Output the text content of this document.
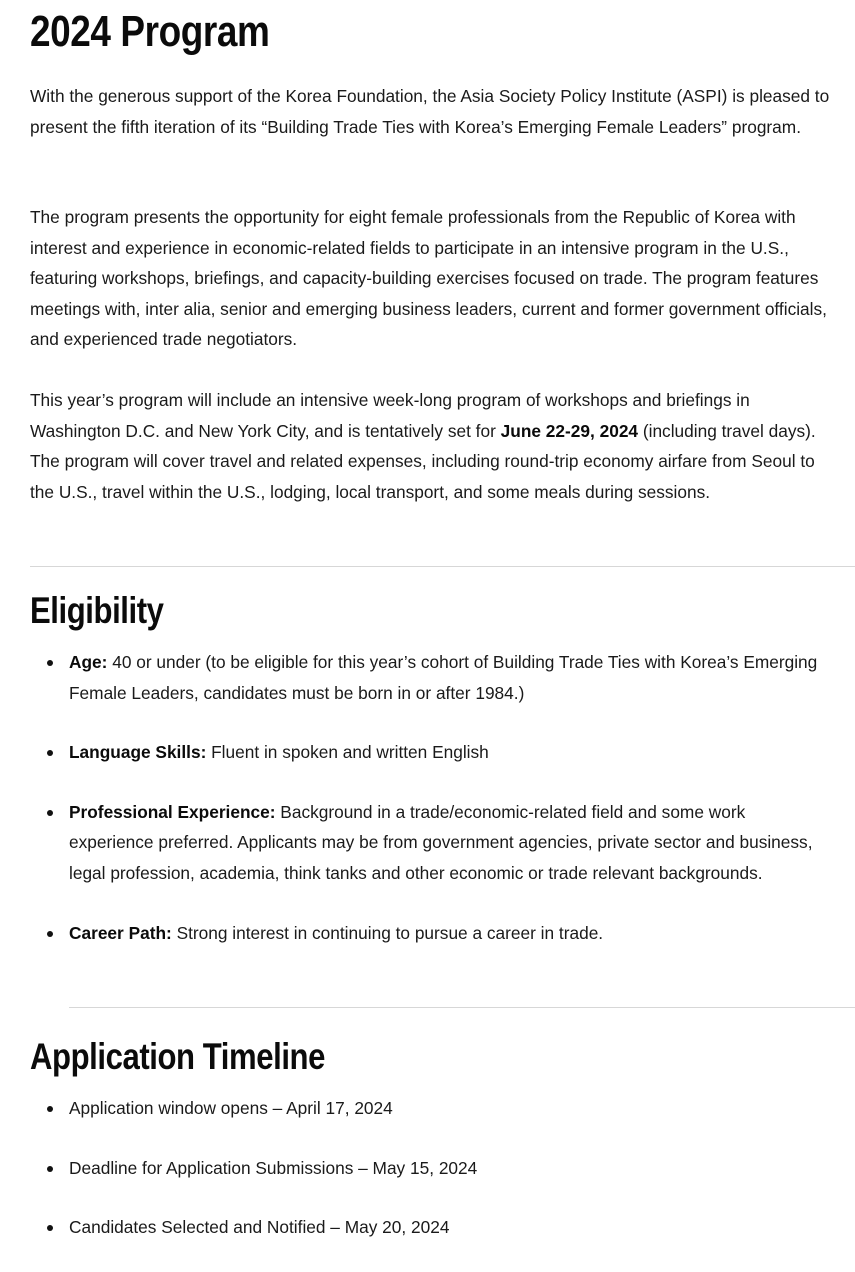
2024 Program

With the generous support of the Korea Foundation, the Asia Society Policy Institute (ASPI) is pleased to present the fifth iteration of its “Building Trade Ties with Korea’s Emerging Female Leaders” program.

The program presents the opportunity for eight female professionals from the Republic of Korea with interest and experience in economic-related fields to participate in an intensive program in the U.S., featuring workshops, briefings, and capacity-building exercises focused on trade. The program features meetings with, inter alia, senior and emerging business leaders, current and former government officials, and experienced trade negotiators.

This year’s program will include an intensive week-long program of workshops and briefings in Washington D.C. and New York City, and is tentatively set for June 22-29, 2024 (including travel days). The program will cover travel and related expenses, including round-trip economy airfare from Seoul to the U.S., travel within the U.S., lodging, local transport, and some meals during sessions.

Eligibility
Age: 40 or under (to be eligible for this year’s cohort of Building Trade Ties with Korea’s Emerging Female Leaders, candidates must be born in or after 1984.)
Language Skills: Fluent in spoken and written English
Professional Experience: Background in a trade/economic-related field and some work experience preferred. Applicants may be from government agencies, private sector and business, legal profession, academia, think tanks and other economic or trade relevant backgrounds.
Career Path: Strong interest in continuing to pursue a career in trade.
Application Timeline
Application window opens – April 17, 2024
Deadline for Application Submissions – May 15, 2024
Candidates Selected and Notified – May 20, 2024
